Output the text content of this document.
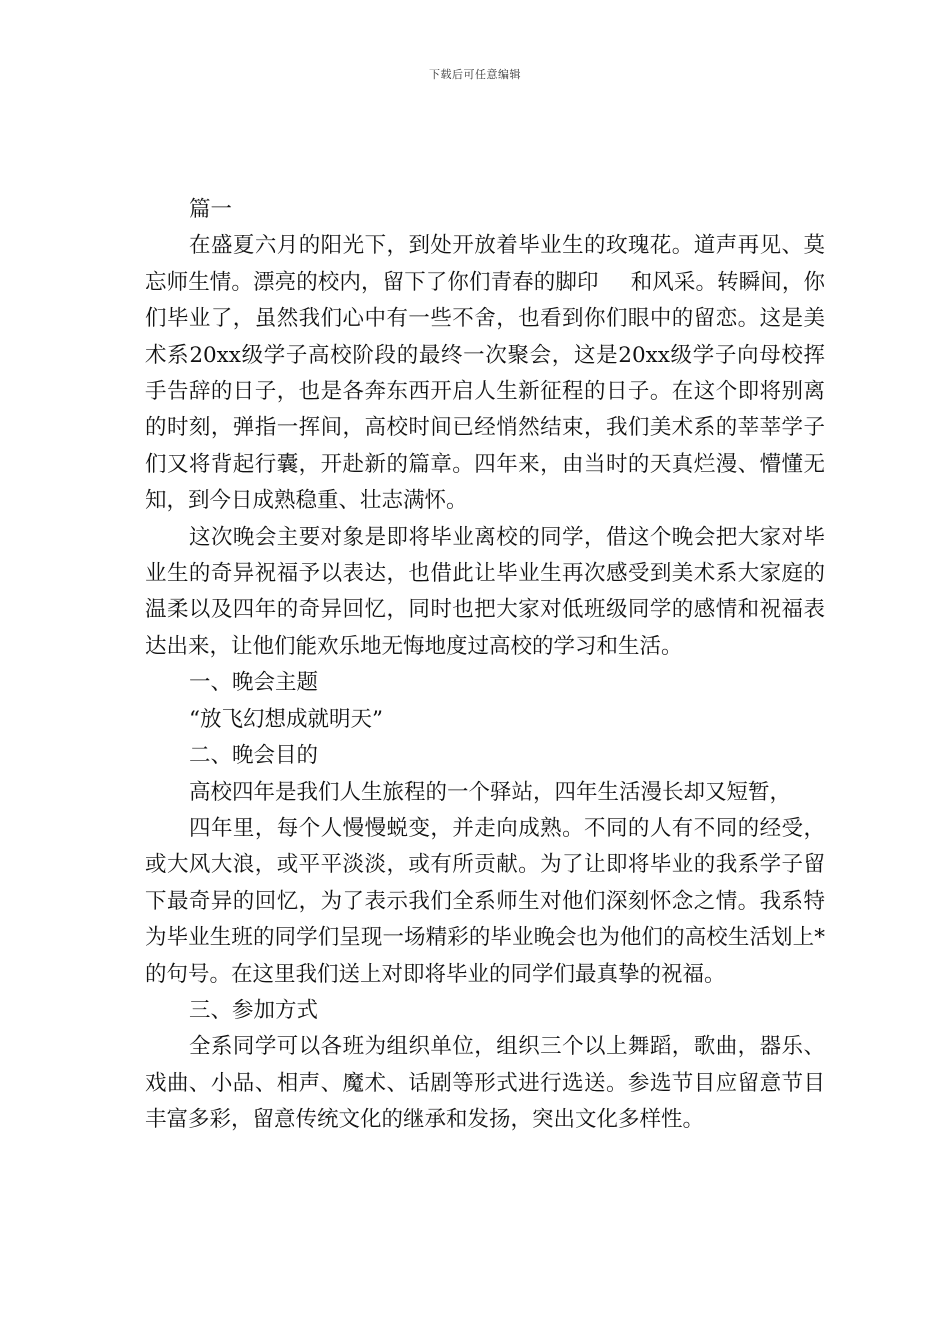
下载后可任意编辑

篇一

在盛夏六月的阳光下，到处开放着毕业生的玫瑰花。道声再见、莫忘师生情。漂亮的校内，留下了你们青春的脚印 和风采。转瞬间，你们毕业了，虽然我们心中有一些不舍，也看到你们眼中的留恋。这是美术系20xx级学子高校阶段的最终一次聚会，这是20xx级学子向母校挥手告辞的日子，也是各奔东西开启人生新征程的日子。在这个即将别离的时刻，弹指一挥间，高校时间已经悄然结束，我们美术系的莘莘学子们又将背起行囊，开赴新的篇章。四年来，由当时的天真烂漫、懵懂无知，到今日成熟稳重、壮志满怀。

这次晚会主要对象是即将毕业离校的同学，借这个晚会把大家对毕业生的奇异祝福予以表达，也借此让毕业生再次感受到美术系大家庭的温柔以及四年的奇异回忆，同时也把大家对低班级同学的感情和祝福表达出来，让他们能欢乐地无悔地度过高校的学习和生活。

一、晚会主题

“放飞幻想成就明天”

二、晚会目的

高校四年是我们人生旅程的一个驿站，四年生活漫长却又短暂，

四年里，每个人慢慢蜕变，并走向成熟。不同的人有不同的经受，或大风大浪，或平平淡淡，或有所贡献。为了让即将毕业的我系学子留下最奇异的回忆，为了表示我们全系师生对他们深刻怀念之情。我系特为毕业生班的同学们呈现一场精彩的毕业晚会也为他们的高校生活划上*的句号。在这里我们送上对即将毕业的同学们最真挚的祝福。

三、参加方式

全系同学可以各班为组织单位，组织三个以上舞蹈，歌曲，器乐、戏曲、小品、相声、魔术、话剧等形式进行选送。参选节目应留意节目丰富多彩，留意传统文化的继承和发扬，突出文化多样性。
